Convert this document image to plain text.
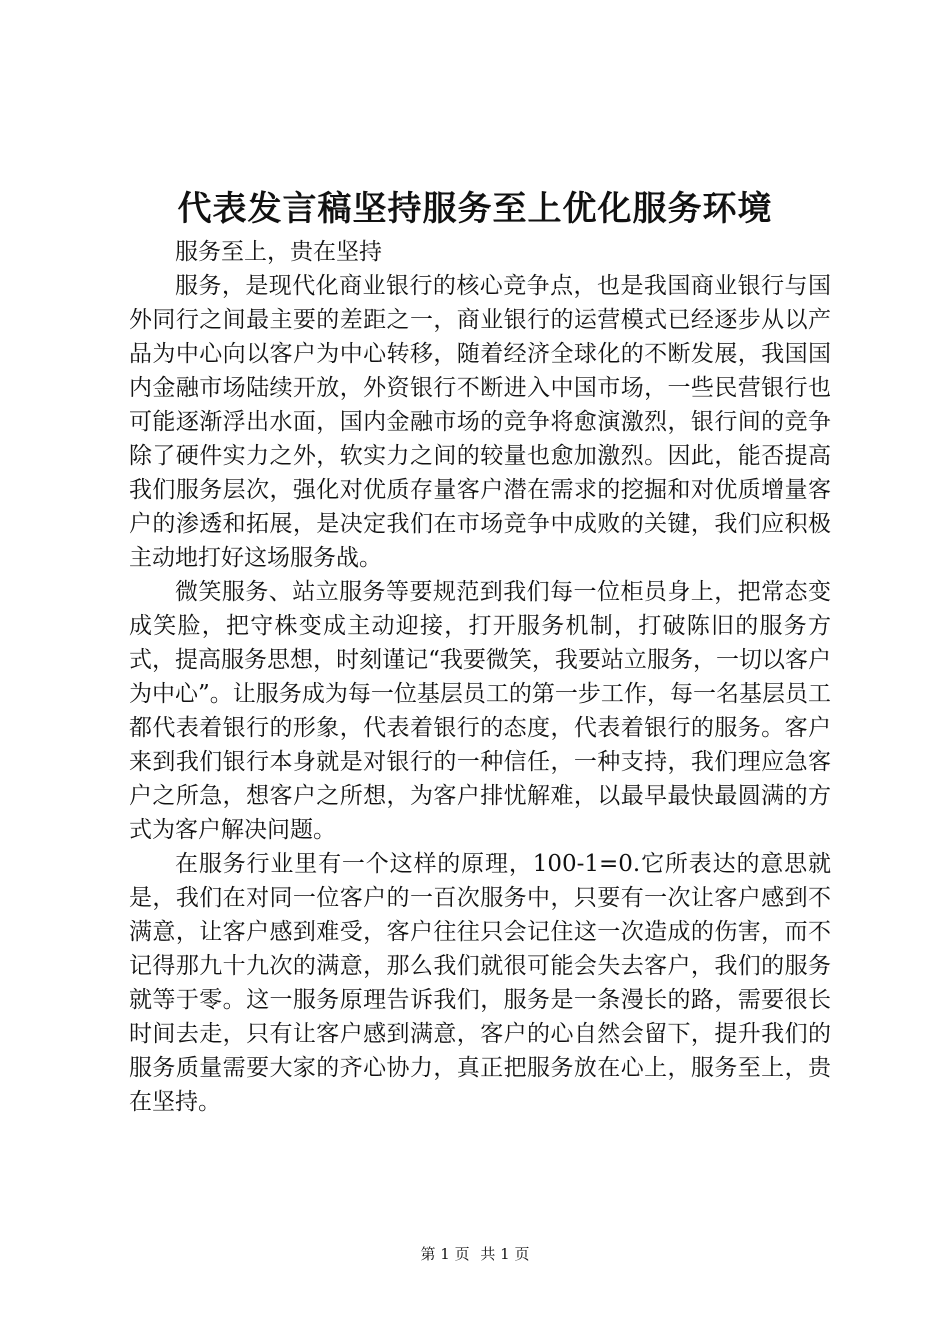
代表发言稿坚持服务至上优化服务环境

服务至上，贵在坚持

服务，是现代化商业银行的核心竞争点，也是我国商业银行与国外同行之间最主要的差距之一，商业银行的运营模式已经逐步从以产品为中心向以客户为中心转移，随着经济全球化的不断发展，我国国内金融市场陆续开放，外资银行不断进入中国市场，一些民营银行也可能逐渐浮出水面，国内金融市场的竞争将愈演激烈，银行间的竞争除了硬件实力之外，软实力之间的较量也愈加激烈。因此，能否提高我们服务层次，强化对优质存量客户潜在需求的挖掘和对优质增量客户的渗透和拓展，是决定我们在市场竞争中成败的关键，我们应积极主动地打好这场服务战。

微笑服务、站立服务等要规范到我们每一位柜员身上，把常态变成笑脸，把守株变成主动迎接，打开服务机制，打破陈旧的服务方式，提高服务思想，时刻谨记“我要微笑，我要站立服务，一切以客户为中心”。让服务成为每一位基层员工的第一步工作，每一名基层员工都代表着银行的形象，代表着银行的态度，代表着银行的服务。客户来到我们银行本身就是对银行的一种信任，一种支持，我们理应急客户之所急，想客户之所想，为客户排忧解难，以最早最快最圆满的方式为客户解决问题。

在服务行业里有一个这样的原理，100-1=0.它所表达的意思就是，我们在对同一位客户的一百次服务中，只要有一次让客户感到不满意，让客户感到难受，客户往往只会记住这一次造成的伤害，而不记得那九十九次的满意，那么我们就很可能会失去客户，我们的服务就等于零。这一服务原理告诉我们，服务是一条漫长的路，需要很长时间去走，只有让客户感到满意，客户的心自然会留下，提升我们的服务质量需要大家的齐心协力，真正把服务放在心上，服务至上，贵在坚持。

第 1 页 共 1 页
